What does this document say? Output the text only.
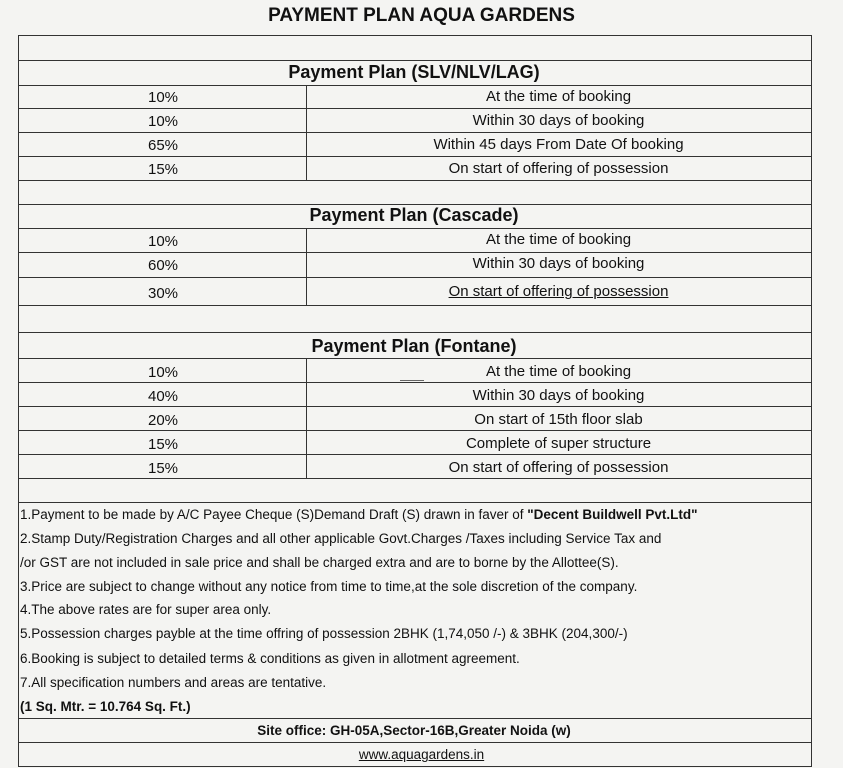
PAYMENT PLAN AQUA GARDENS
Payment Plan (SLV/NLV/LAG)
10%	At the time of booking
10%	Within 30 days of booking
65%	Within 45 days From Date Of booking
15%	On start of offering of possession
Payment Plan (Cascade)
10%	At the time of booking
60%	Within 30 days of booking
30%	On start of offering of possession
Payment Plan (Fontane)
10%	At the time of booking
40%	Within 30 days of booking
20%	On start of 15th floor slab
15%	Complete of super structure
15%	On start of offering of possession
1.Payment to be made by A/C Payee Cheque (S)Demand Draft (S) drawn in faver of "Decent Buildwell Pvt.Ltd"
2.Stamp Duty/Registration Charges and all other applicable Govt.Charges /Taxes including Service Tax and
/or GST are not included in sale price and shall be charged extra and are to borne by the Allottee(S).
3.Price are subject to change without any notice from time to time,at the sole discretion of the company.
4.The above rates are for super area only.
5.Possession charges payble at the time offring of possession 2BHK (1,74,050 /-) & 3BHK (204,300/-)
6.Booking is subject to detailed terms & conditions as given in allotment agreement.
7.All specification numbers and areas are tentative.
(1 Sq. Mtr. = 10.764 Sq. Ft.)
Site office: GH-05A,Sector-16B,Greater Noida (w)
www.aquagardens.in
